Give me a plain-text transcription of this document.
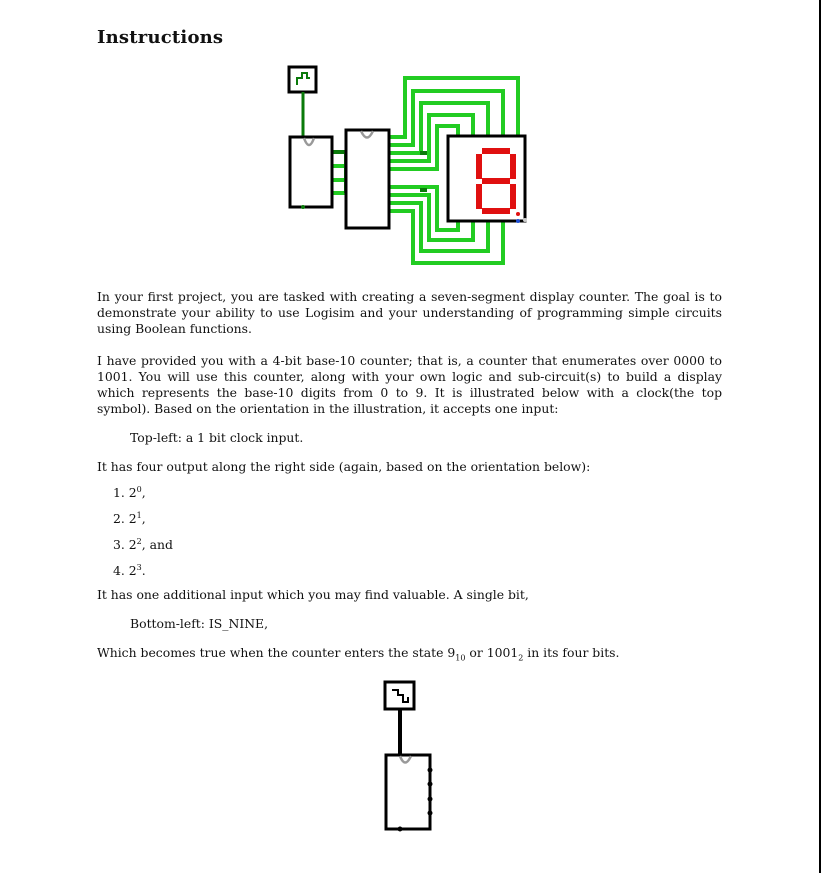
Instructions

In your first project, you are tasked with creating a seven-segment display counter. The goal is to demonstrate your ability to use Logisim and your understanding of programming simple circuits using Boolean functions.

I have provided you with a 4-bit base-10 counter; that is, a counter that enumerates over 0000 to 1001. You will use this counter, along with your own logic and sub-circuit(s) to build a display which represents the base-10 digits from 0 to 9. It is illustrated below with a clock(the top symbol). Based on the orientation in the illustration, it accepts one input:

Top-left: a 1 bit clock input.

It has four output along the right side (again, based on the orientation below):

1. $2^0$,
2. $2^1$,
3. $2^2$, and
4. $2^3$.

It has one additional input which you may find valuable. A single bit,

Bottom-left: IS_NINE,

Which becomes true when the counter enters the state $9_{10}$ or $1001_2$ in its four bits.
